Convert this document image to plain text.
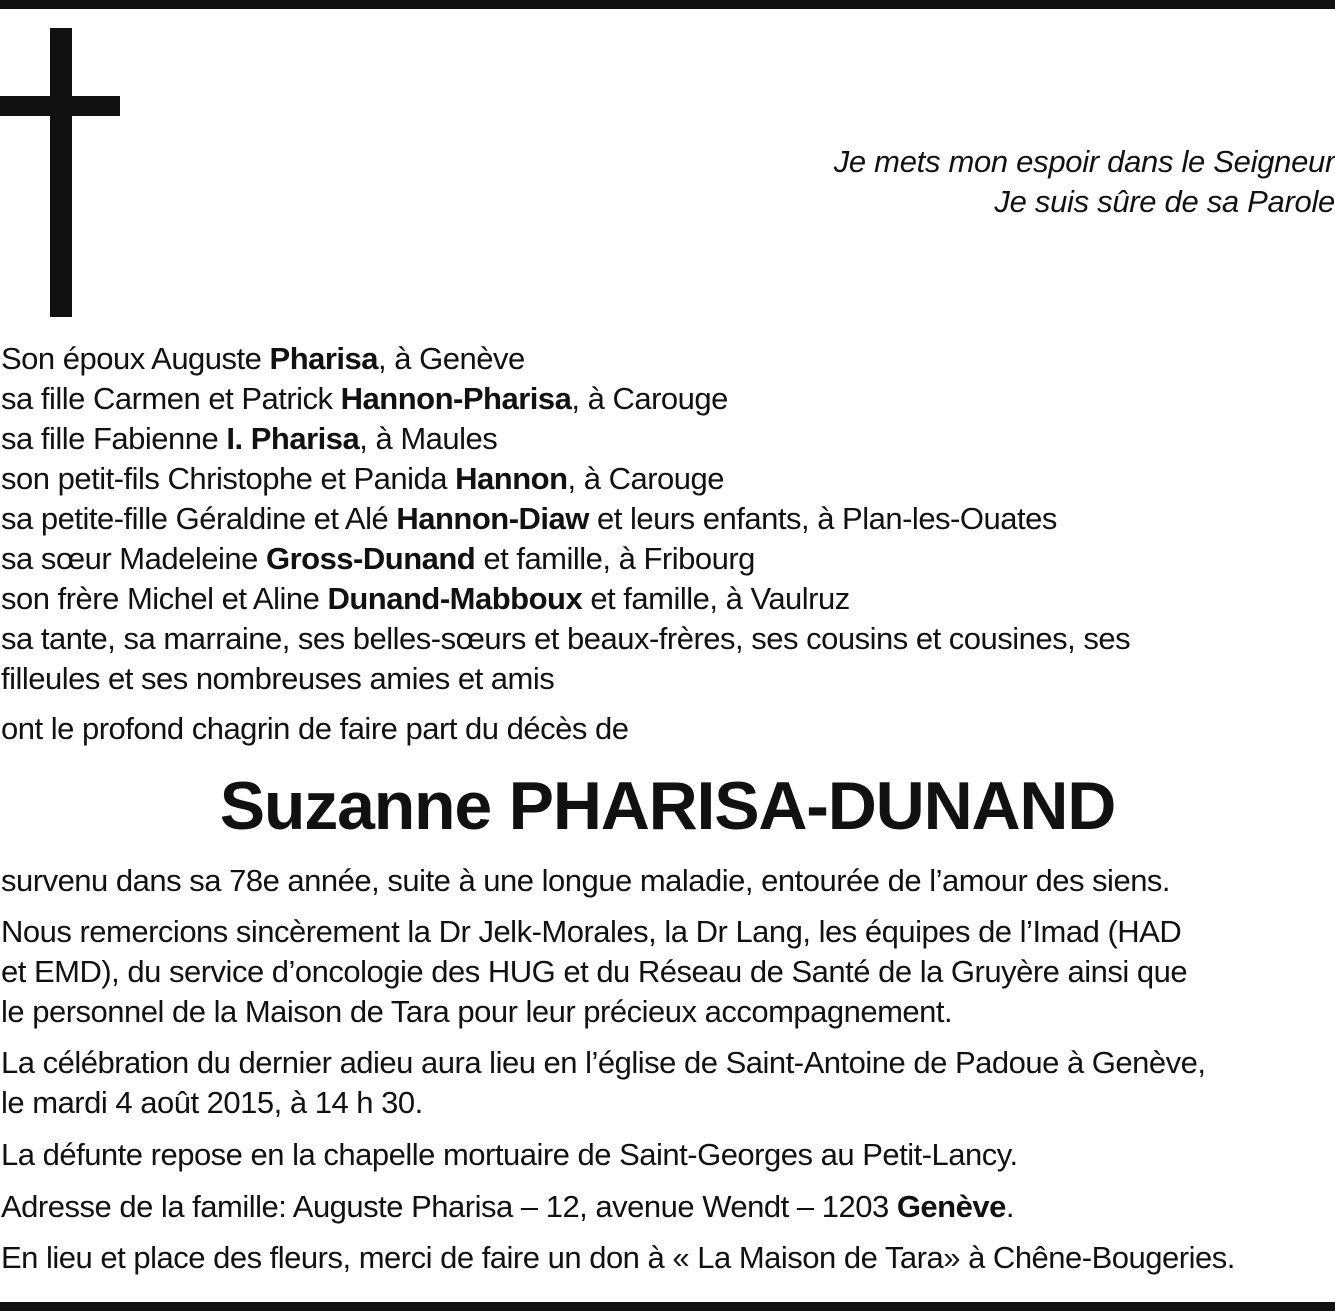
Je mets mon espoir dans le Seigneur
Je suis sûre de sa Parole
Son époux Auguste Pharisa, à Genève
sa fille Carmen et Patrick Hannon-Pharisa, à Carouge
sa fille Fabienne I. Pharisa, à Maules
son petit-fils Christophe et Panida Hannon, à Carouge
sa petite-fille Géraldine et Alé Hannon-Diaw et leurs enfants, à Plan-les-Ouates
sa sœur Madeleine Gross-Dunand et famille, à Fribourg
son frère Michel et Aline Dunand-Mabboux et famille, à Vaulruz
sa tante, sa marraine, ses belles-sœurs et beaux-frères, ses cousins et cousines, ses
filleules et ses nombreuses amies et amis
ont le profond chagrin de faire part du décès de
Suzanne PHARISA-DUNAND
survenu dans sa 78e année, suite à une longue maladie, entourée de l’amour des siens.
Nous remercions sincèrement la Dr Jelk-Morales, la Dr Lang, les équipes de l’Imad (HAD
et EMD), du service d’oncologie des HUG et du Réseau de Santé de la Gruyère ainsi que
le personnel de la Maison de Tara pour leur précieux accompagnement.
La célébration du dernier adieu aura lieu en l’église de Saint-Antoine de Padoue à Genève,
le mardi 4 août 2015, à 14 h 30.
La défunte repose en la chapelle mortuaire de Saint-Georges au Petit-Lancy.
Adresse de la famille: Auguste Pharisa – 12, avenue Wendt – 1203 Genève.
En lieu et place des fleurs, merci de faire un don à « La Maison de Tara» à Chêne-Bougeries.
